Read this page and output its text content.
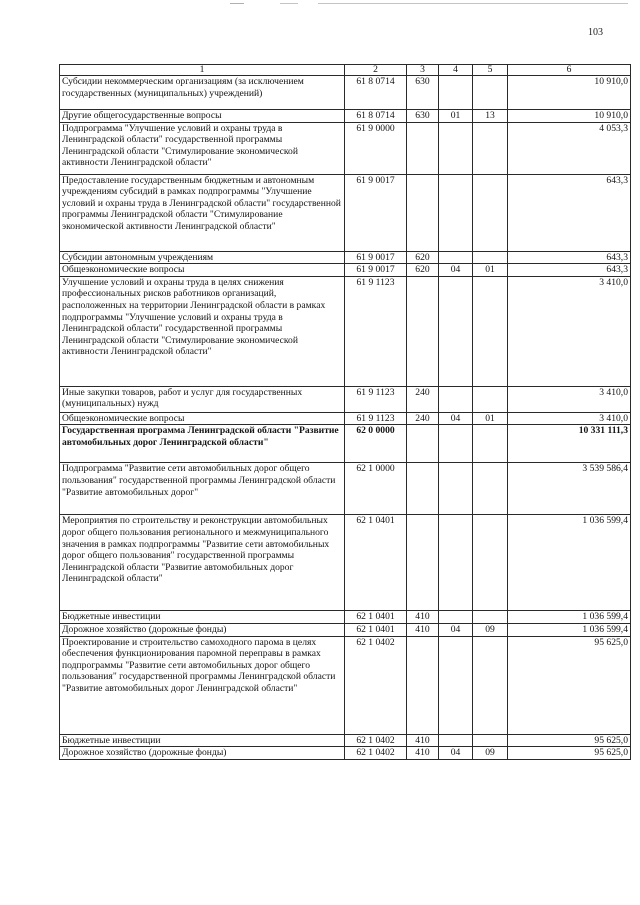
103
1	2	3	4	5	6
Субсидии некоммерческим организациям (за исключением государственных (муниципальных) учреждений)	61 8 0714	630			10 910,0
Другие общегосударственные вопросы	61 8 0714	630	01	13	10 910,0
Подпрограмма "Улучшение условий и охраны труда в Ленинградской области" государственной программы Ленинградской области "Стимулирование экономической активности Ленинградской области"	61 9 0000				4 053,3
Предоставление государственным бюджетным и автономным учреждениям субсидий в рамках подпрограммы "Улучшение условий и охраны труда в Ленинградской области" государственной программы Ленинградской области "Стимулирование экономической активности Ленинградской области"	61 9 0017				643,3
Субсидии автономным учреждениям	61 9 0017	620			643,3
Общеэкономические вопросы	61 9 0017	620	04	01	643,3
Улучшение условий и охраны труда в целях снижения профессиональных рисков работников организаций, расположенных на территории Ленинградской области в рамках подпрограммы "Улучшение условий и охраны труда в Ленинградской области" государственной программы Ленинградской области "Стимулирование экономической активности Ленинградской области"	61 9 1123				3 410,0
Иные закупки товаров, работ и услуг для государственных (муниципальных) нужд	61 9 1123	240			3 410,0
Общеэкономические вопросы	61 9 1123	240	04	01	3 410,0
Государственная программа Ленинградской области "Развитие автомобильных дорог Ленинградской области"	62 0 0000				10 331 111,3
Подпрограмма "Развитие сети автомобильных дорог общего пользования" государственной программы Ленинградской области "Развитие автомобильных дорог"	62 1 0000				3 539 586,4
Мероприятия по строительству и реконструкции автомобильных дорог общего пользования регионального и межмуниципального значения в рамках подпрограммы "Развитие сети автомобильных дорог общего пользования" государственной программы Ленинградской области "Развитие автомобильных дорог Ленинградской области"	62 1 0401				1 036 599,4
Бюджетные инвестиции	62 1 0401	410			1 036 599,4
Дорожное хозяйство (дорожные фонды)	62 1 0401	410	04	09	1 036 599,4
Проектирование и строительство самоходного парома в целях обеспечения функционирования паромной переправы в рамках подпрограммы "Развитие сети автомобильных дорог общего пользования" государственной программы Ленинградской области "Развитие автомобильных дорог Ленинградской области"	62 1 0402				95 625,0
Бюджетные инвестиции	62 1 0402	410			95 625,0
Дорожное хозяйство (дорожные фонды)	62 1 0402	410	04	09	95 625,0
